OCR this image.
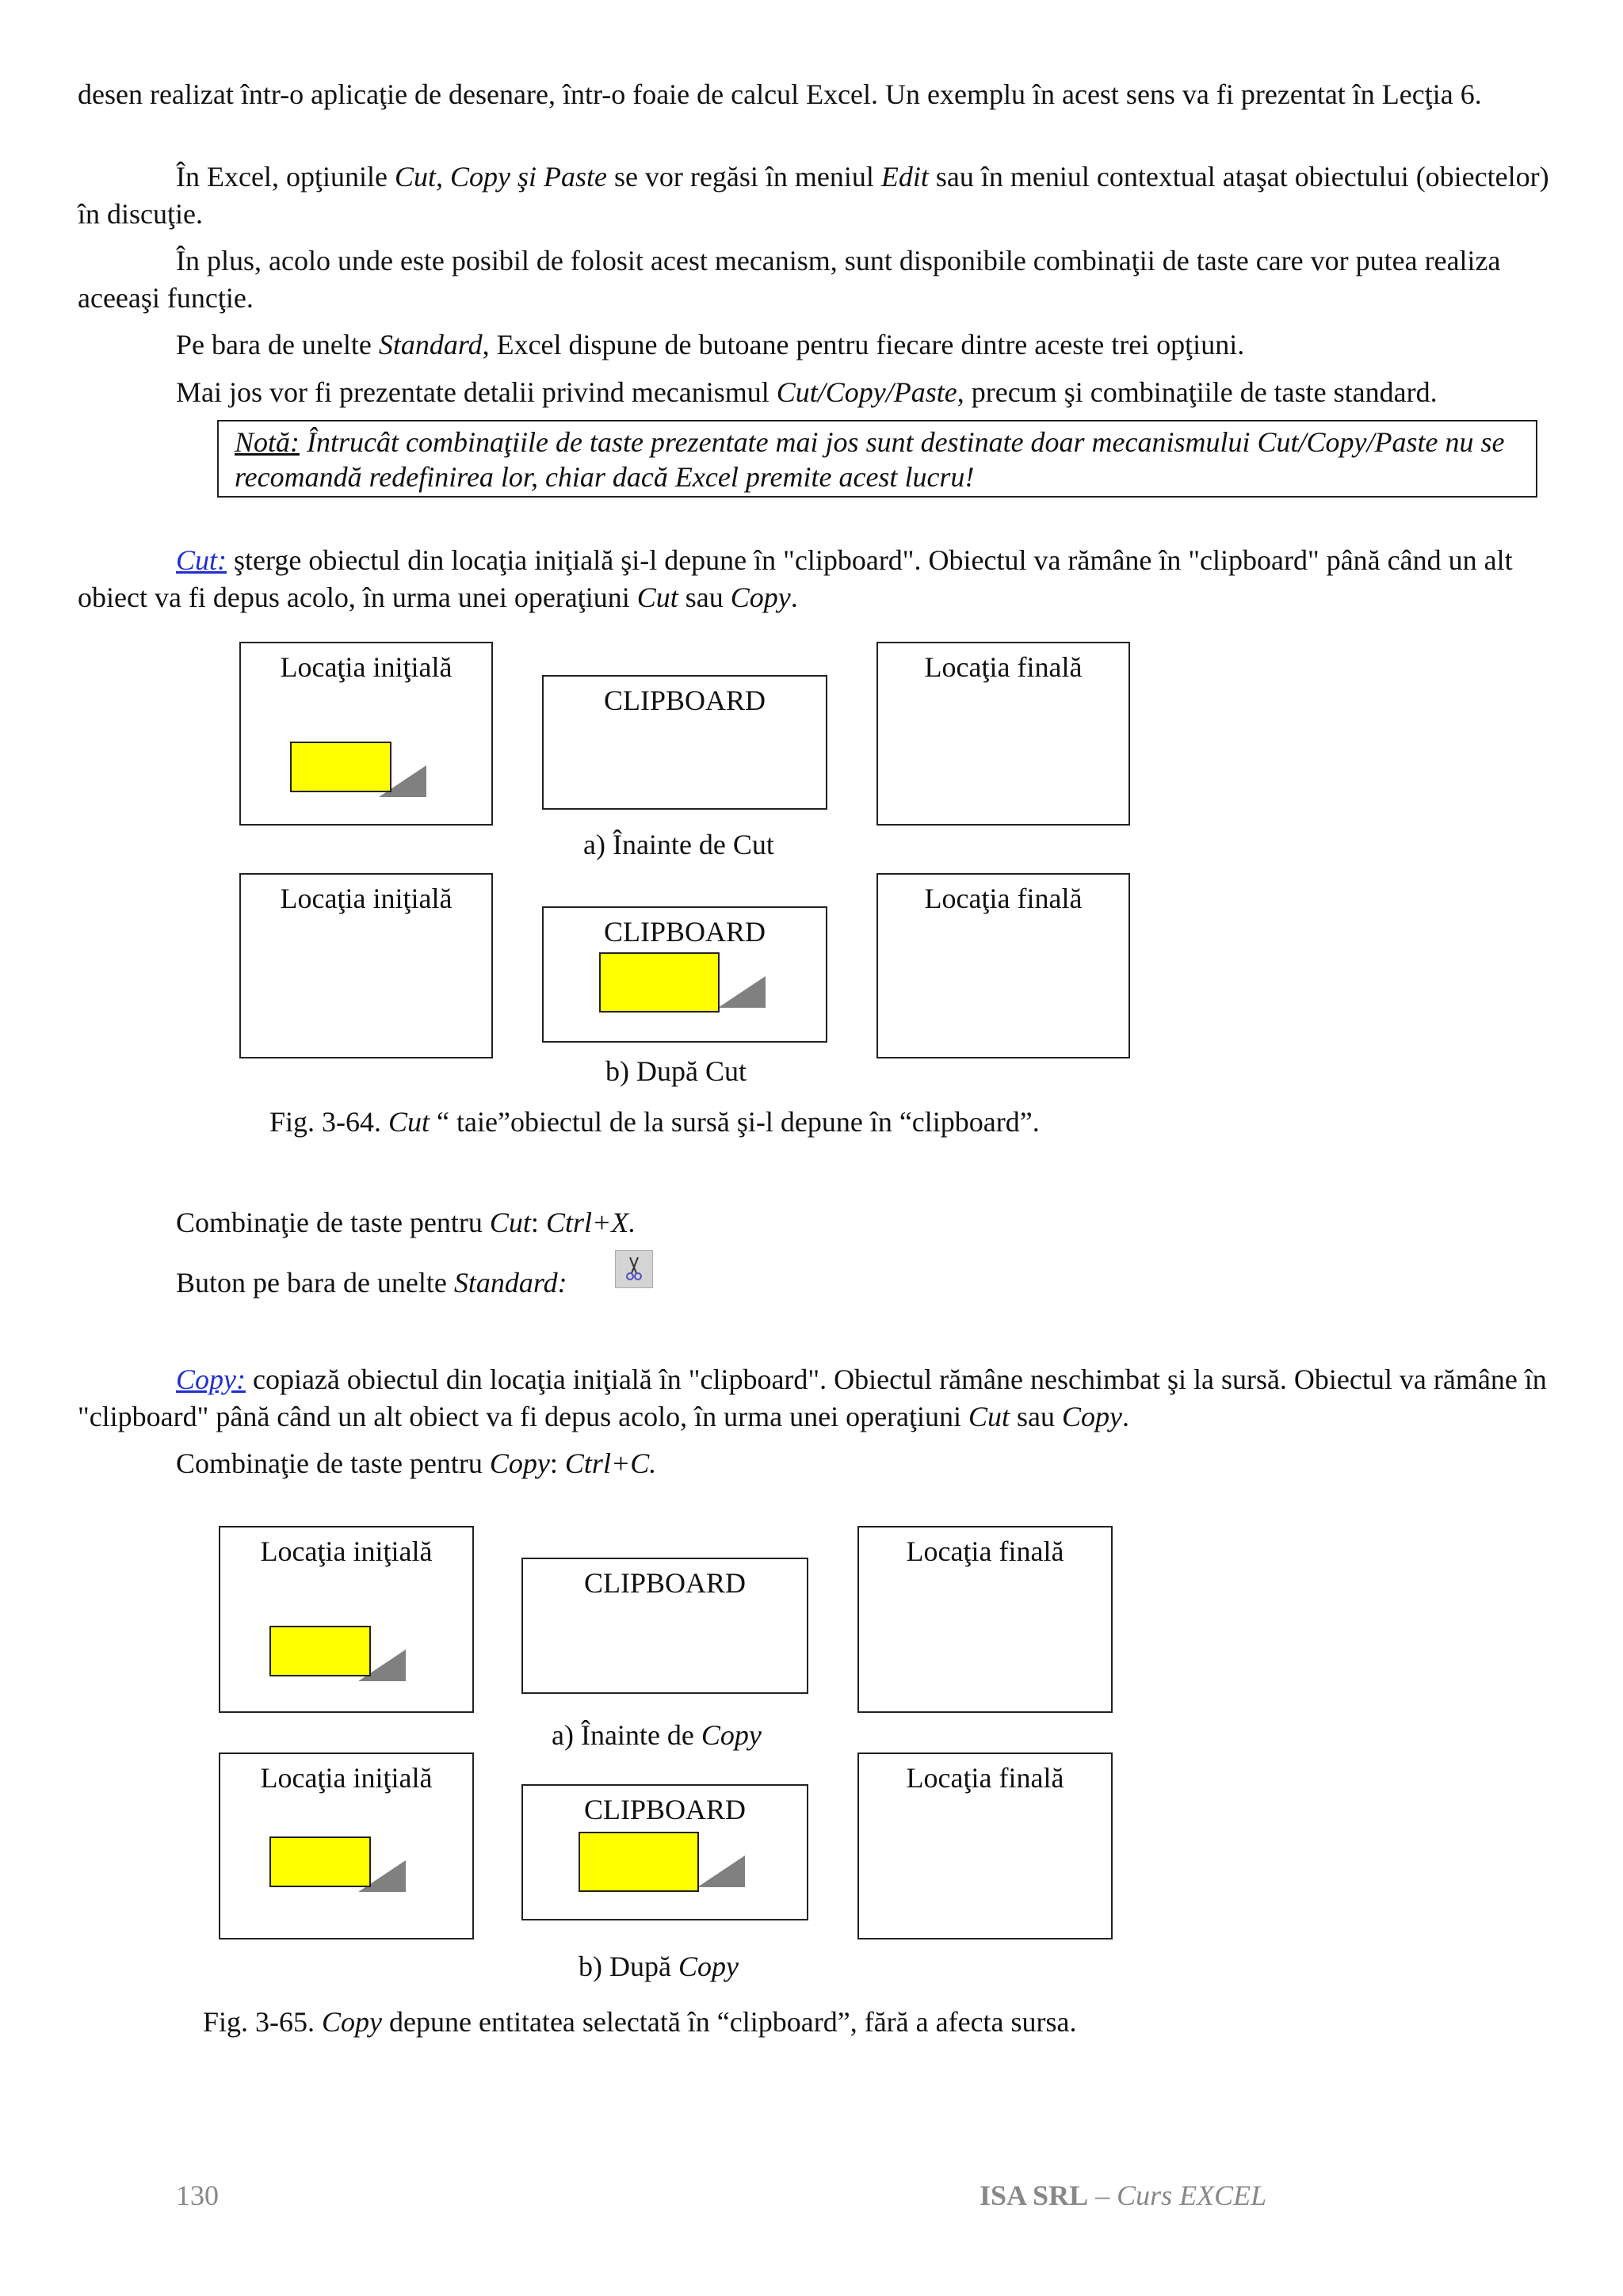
desen realizat într-o aplicaţie de desenare, într-o foaie de calcul Excel. Un exemplu în acest sens va fi prezentat în Lecţia 6.

În Excel, opţiunile Cut, Copy şi Paste se vor regăsi în meniul Edit sau în meniul contextual ataşat obiectului (obiectelor) în discuţie.

În plus, acolo unde este posibil de folosit acest mecanism, sunt disponibile combinaţii de taste care vor putea realiza aceeaşi funcţie.

Pe bara de unelte Standard, Excel dispune de butoane pentru fiecare dintre aceste trei opţiuni.

Mai jos vor fi prezentate detalii privind mecanismul Cut/Copy/Paste, precum şi combinaţiile de taste standard.

Notă: Întrucât combinaţiile de taste prezentate mai jos sunt destinate doar mecanismului Cut/Copy/Paste nu se recomandă redefinirea lor, chiar dacă Excel premite acest lucru!

Cut: şterge obiectul din locaţia iniţială şi-l depune în "clipboard". Obiectul va rămâne în "clipboard" până când un alt obiect va fi depus acolo, în urma unei operaţiuni Cut sau Copy.

Locaţia iniţială
CLIPBOARD
Locaţia finală
a) Înainte de Cut
Locaţia iniţială
CLIPBOARD
Locaţia finală
b) După Cut
Fig. 3-64. Cut “ taie”obiectul de la sursă şi-l depune în “clipboard”.

Combinaţie de taste pentru Cut: Ctrl+X.

Buton pe bara de unelte Standard:

Copy: copiază obiectul din locaţia iniţială în "clipboard". Obiectul rămâne neschimbat şi la sursă. Obiectul va rămâne în "clipboard" până când un alt obiect va fi depus acolo, în urma unei operaţiuni Cut sau Copy.

Combinaţie de taste pentru Copy: Ctrl+C.

Locaţia iniţială
CLIPBOARD
Locaţia finală
a) Înainte de Copy
Locaţia iniţială
CLIPBOARD
Locaţia finală
b) După Copy
Fig. 3-65. Copy depune entitatea selectată în “clipboard”, fără a afecta sursa.
130	ISA SRL – Curs EXCEL
